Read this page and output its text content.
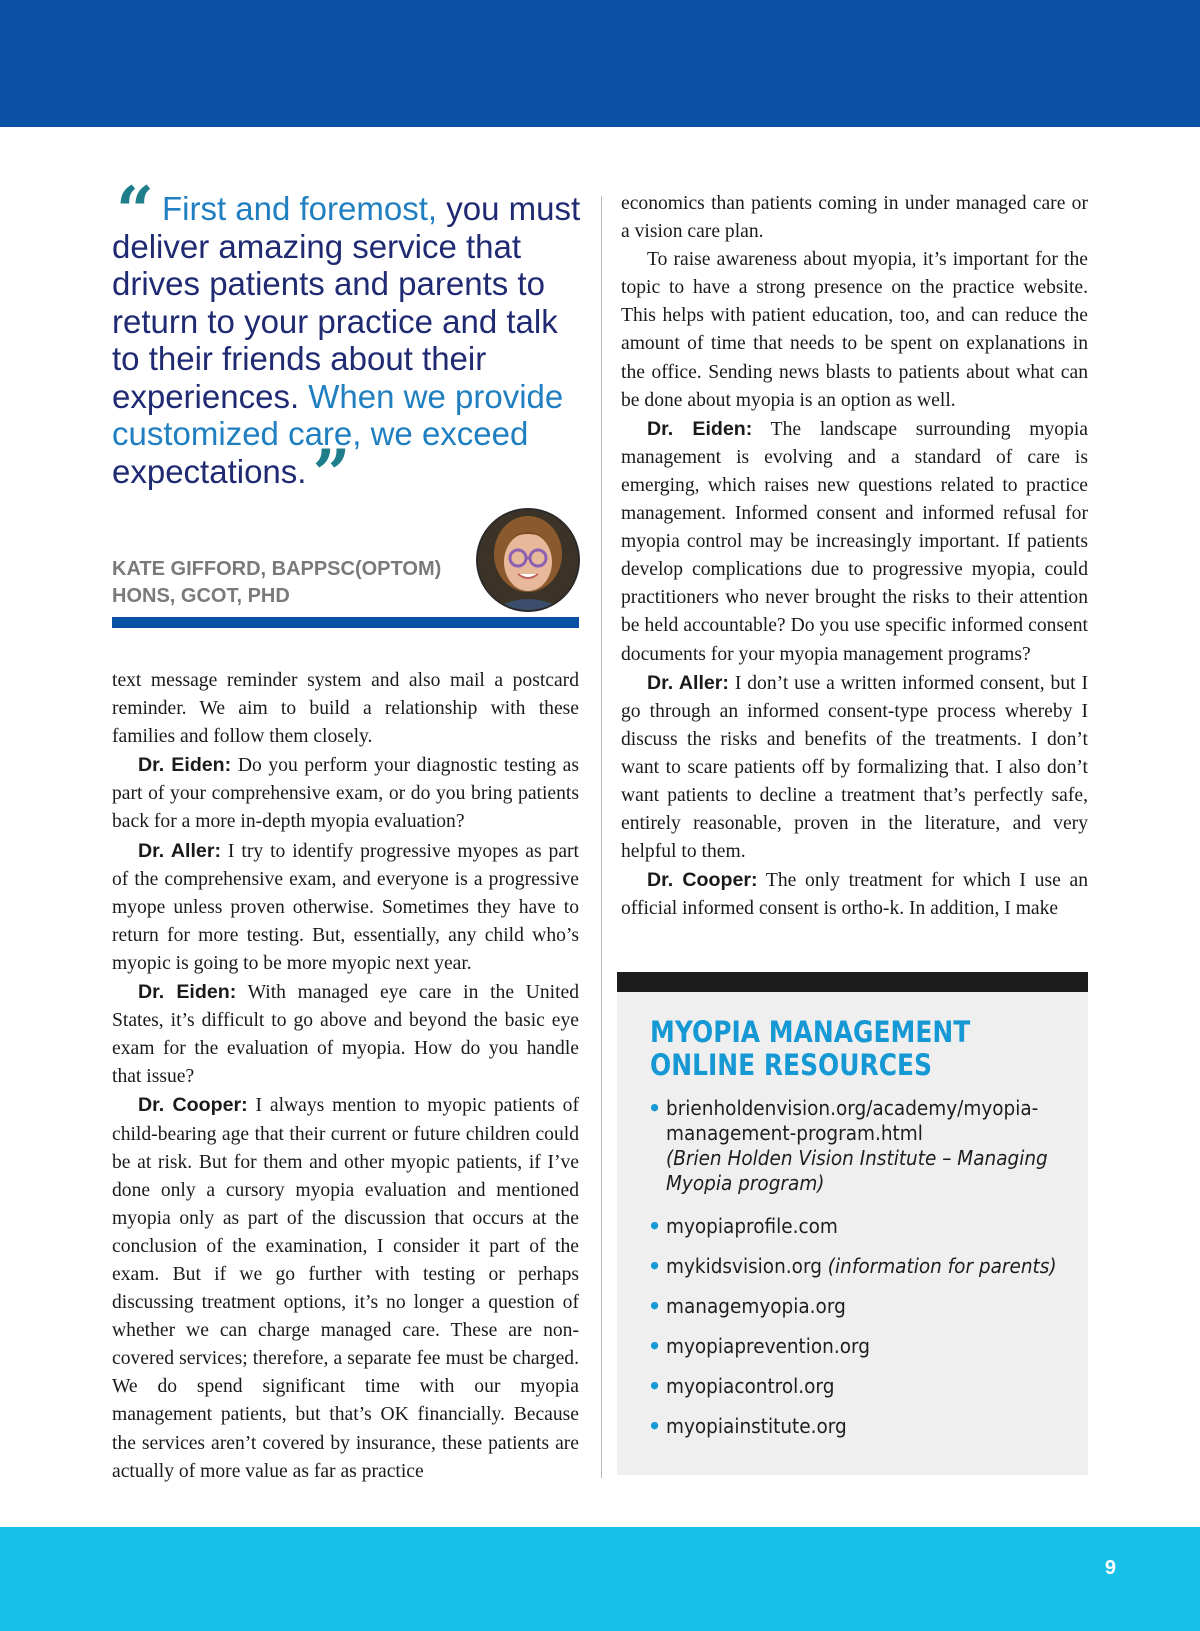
“ First and foremost, you must deliver amazing service that drives patients and parents to return to your practice and talk to their friends about their experiences. When we provide customized care, we exceed expectations.”

KATE GIFFORD, BAPPSC(OPTOM)
HONS, GCOT, PHD

text message reminder system and also mail a postcard reminder. We aim to build a relationship with these families and follow them closely.

Dr. Eiden: Do you perform your diagnostic testing as part of your comprehensive exam, or do you bring patients back for a more in-depth myopia evaluation?

Dr. Aller: I try to identify progressive myopes as part of the comprehensive exam, and everyone is a progressive myope unless proven otherwise. Sometimes they have to return for more testing. But, essentially, any child who’s myopic is going to be more myopic next year.

Dr. Eiden: With managed eye care in the United States, it’s difficult to go above and beyond the basic eye exam for the evaluation of myopia. How do you handle that issue?

Dr. Cooper: I always mention to myopic patients of child-bearing age that their current or future children could be at risk. But for them and other myopic patients, if I’ve done only a cursory myopia evaluation and mentioned myopia only as part of the discussion that occurs at the conclusion of the examination, I consider it part of the exam. But if we go further with testing or perhaps discussing treatment options, it’s no longer a question of whether we can charge managed care. These are non-covered services; therefore, a separate fee must be charged. We do spend significant time with our myopia management patients, but that’s OK financially. Because the services aren’t covered by insurance, these patients are actually of more value as far as practice

economics than patients coming in under managed care or a vision care plan.

To raise awareness about myopia, it’s important for the topic to have a strong presence on the practice website. This helps with patient education, too, and can reduce the amount of time that needs to be spent on explanations in the office. Sending news blasts to patients about what can be done about myopia is an option as well.

Dr. Eiden: The landscape surrounding myopia management is evolving and a standard of care is emerging, which raises new questions related to practice management. Informed consent and informed refusal for myopia control may be increasingly important. If patients develop complications due to progressive myopia, could practitioners who never brought the risks to their attention be held accountable? Do you use specific informed consent documents for your myopia management programs?

Dr. Aller: I don’t use a written informed consent, but I go through an informed consent-type process whereby I discuss the risks and benefits of the treatments. I don’t want to scare patients off by formalizing that. I also don’t want patients to decline a treatment that’s perfectly safe, entirely reasonable, proven in the literature, and very helpful to them.

Dr. Cooper: The only treatment for which I use an official informed consent is ortho-k. In addition, I make

MYOPIA MANAGEMENT
ONLINE RESOURCES
• brienholdenvision.org/academy/myopia-management-program.html
(Brien Holden Vision Institute – Managing Myopia program)
• myopiaprofile.com
• mykidsvision.org (information for parents)
• managemyopia.org
• myopiaprevention.org
• myopiacontrol.org
• myopiainstitute.org
9
